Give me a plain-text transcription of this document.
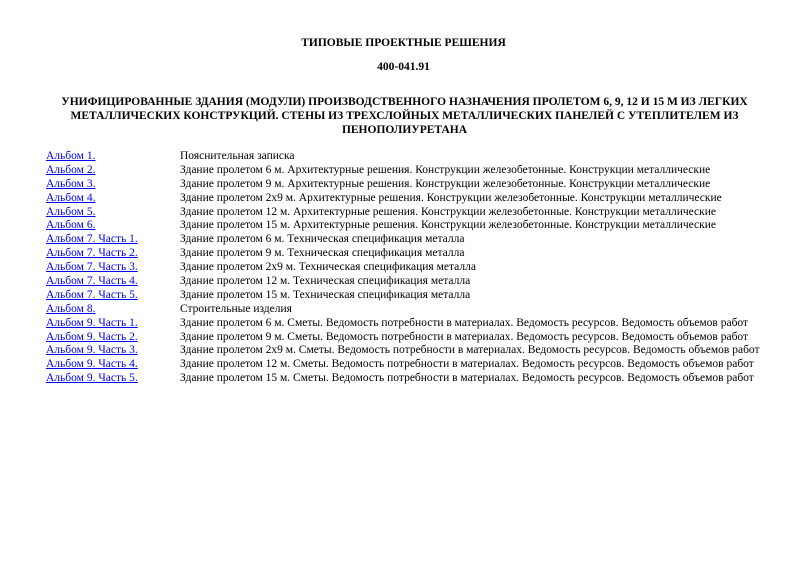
ТИПОВЫЕ ПРОЕКТНЫЕ РЕШЕНИЯ
400-041.91
УНИФИЦИРОВАННЫЕ ЗДАНИЯ (МОДУЛИ) ПРОИЗВОДСТВЕННОГО НАЗНАЧЕНИЯ ПРОЛЕТОМ 6, 9, 12 И 15 М ИЗ ЛЕГКИХ МЕТАЛЛИЧЕСКИХ КОНСТРУКЦИЙ. СТЕНЫ ИЗ ТРЕХСЛОЙНЫХ МЕТАЛЛИЧЕСКИХ ПАНЕЛЕЙ С УТЕПЛИТЕЛЕМ ИЗ ПЕНОПОЛИУРЕТАНА
Альбом 1.	Пояснительная записка
Альбом 2.	Здание пролетом 6 м. Архитектурные решения. Конструкции железобетонные. Конструкции металлические
Альбом 3.	Здание пролетом 9 м. Архитектурные решения. Конструкции железобетонные. Конструкции металлические
Альбом 4.	Здание пролетом 2х9 м. Архитектурные решения. Конструкции железобетонные. Конструкции металлические
Альбом 5.	Здание пролетом 12 м. Архитектурные решения. Конструкции железобетонные. Конструкции металлические
Альбом 6.	Здание пролетом 15 м. Архитектурные решения. Конструкции железобетонные. Конструкции металлические
Альбом 7. Часть 1.	Здание пролетом 6 м. Техническая спецификация металла
Альбом 7. Часть 2.	Здание пролетом 9 м. Техническая спецификация металла
Альбом 7. Часть 3.	Здание пролетом 2х9 м. Техническая спецификация металла
Альбом 7. Часть 4.	Здание пролетом 12 м. Техническая спецификация металла
Альбом 7. Часть 5.	Здание пролетом 15 м. Техническая спецификация металла
Альбом 8.	Строительные изделия
Альбом 9. Часть 1.	Здание пролетом 6 м. Сметы. Ведомость потребности в материалах. Ведомость ресурсов. Ведомость объемов работ
Альбом 9. Часть 2.	Здание пролетом 9 м. Сметы. Ведомость потребности в материалах. Ведомость ресурсов. Ведомость объемов работ
Альбом 9. Часть 3.	Здание пролетом 2х9 м. Сметы. Ведомость потребности в материалах. Ведомость ресурсов. Ведомость объемов работ
Альбом 9. Часть 4.	Здание пролетом 12 м. Сметы. Ведомость потребности в материалах. Ведомость ресурсов. Ведомость объемов работ
Альбом 9. Часть 5.	Здание пролетом 15 м. Сметы. Ведомость потребности в материалах. Ведомость ресурсов. Ведомость объемов работ
